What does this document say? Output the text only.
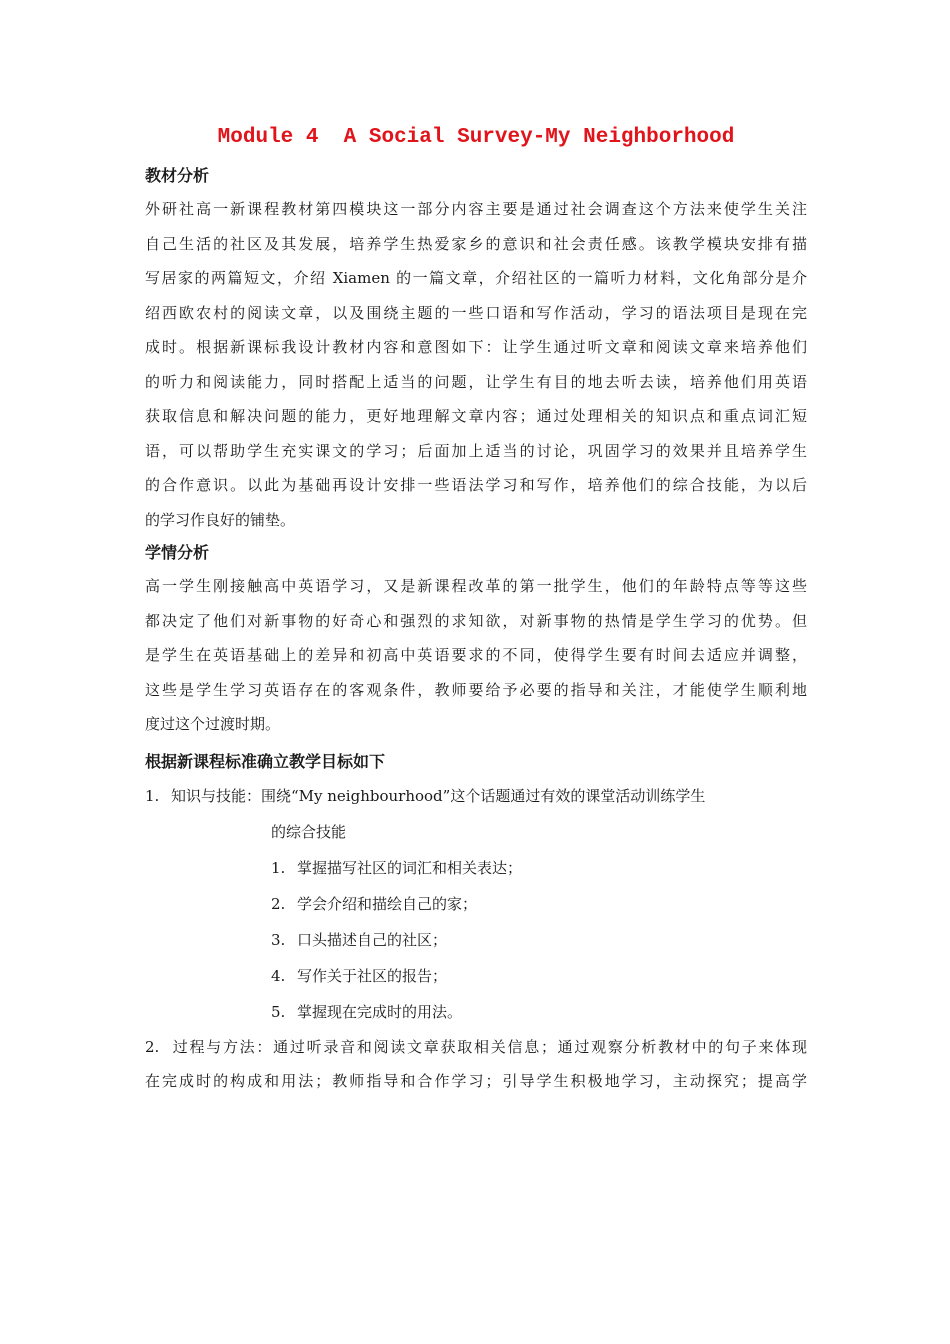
Module 4  A Social Survey-My Neighborhood
教材分析
外研社高一新课程教材第四模块这一部分内容主要是通过社会调查这个方法来使学生关注
自己生活的社区及其发展，培养学生热爱家乡的意识和社会责任感。该教学模块安排有描
写居家的两篇短文，介绍 Xiamen 的一篇文章，介绍社区的一篇听力材料，文化角部分是介
绍西欧农村的阅读文章，以及围绕主题的一些口语和写作活动，学习的语法项目是现在完
成时。根据新课标我设计教材内容和意图如下：让学生通过听文章和阅读文章来培养他们
的听力和阅读能力，同时搭配上适当的问题，让学生有目的地去听去读，培养他们用英语
获取信息和解决问题的能力，更好地理解文章内容；通过处理相关的知识点和重点词汇短
语，可以帮助学生充实课文的学习；后面加上适当的讨论，巩固学习的效果并且培养学生
的合作意识。以此为基础再设计安排一些语法学习和写作，培养他们的综合技能，为以后
的学习作良好的铺垫。
学情分析
高一学生刚接触高中英语学习，又是新课程改革的第一批学生，他们的年龄特点等等这些
都决定了他们对新事物的好奇心和强烈的求知欲，对新事物的热情是学生学习的优势。但
是学生在英语基础上的差异和初高中英语要求的不同，使得学生要有时间去适应并调整，
这些是学生学习英语存在的客观条件，教师要给予必要的指导和关注，才能使学生顺利地
度过这个过渡时期。
根据新课程标准确立教学目标如下
1. 知识与技能：围绕“My neighbourhood”这个话题通过有效的课堂活动训练学生
的综合技能
1. 掌握描写社区的词汇和相关表达；
2. 学会介绍和描绘自己的家；
3. 口头描述自己的社区；
4. 写作关于社区的报告；
5. 掌握现在完成时的用法。
2. 过程与方法：通过听录音和阅读文章获取相关信息；通过观察分析教材中的句子来体现
在完成时的构成和用法；教师指导和合作学习；引导学生积极地学习，主动探究；提高学
